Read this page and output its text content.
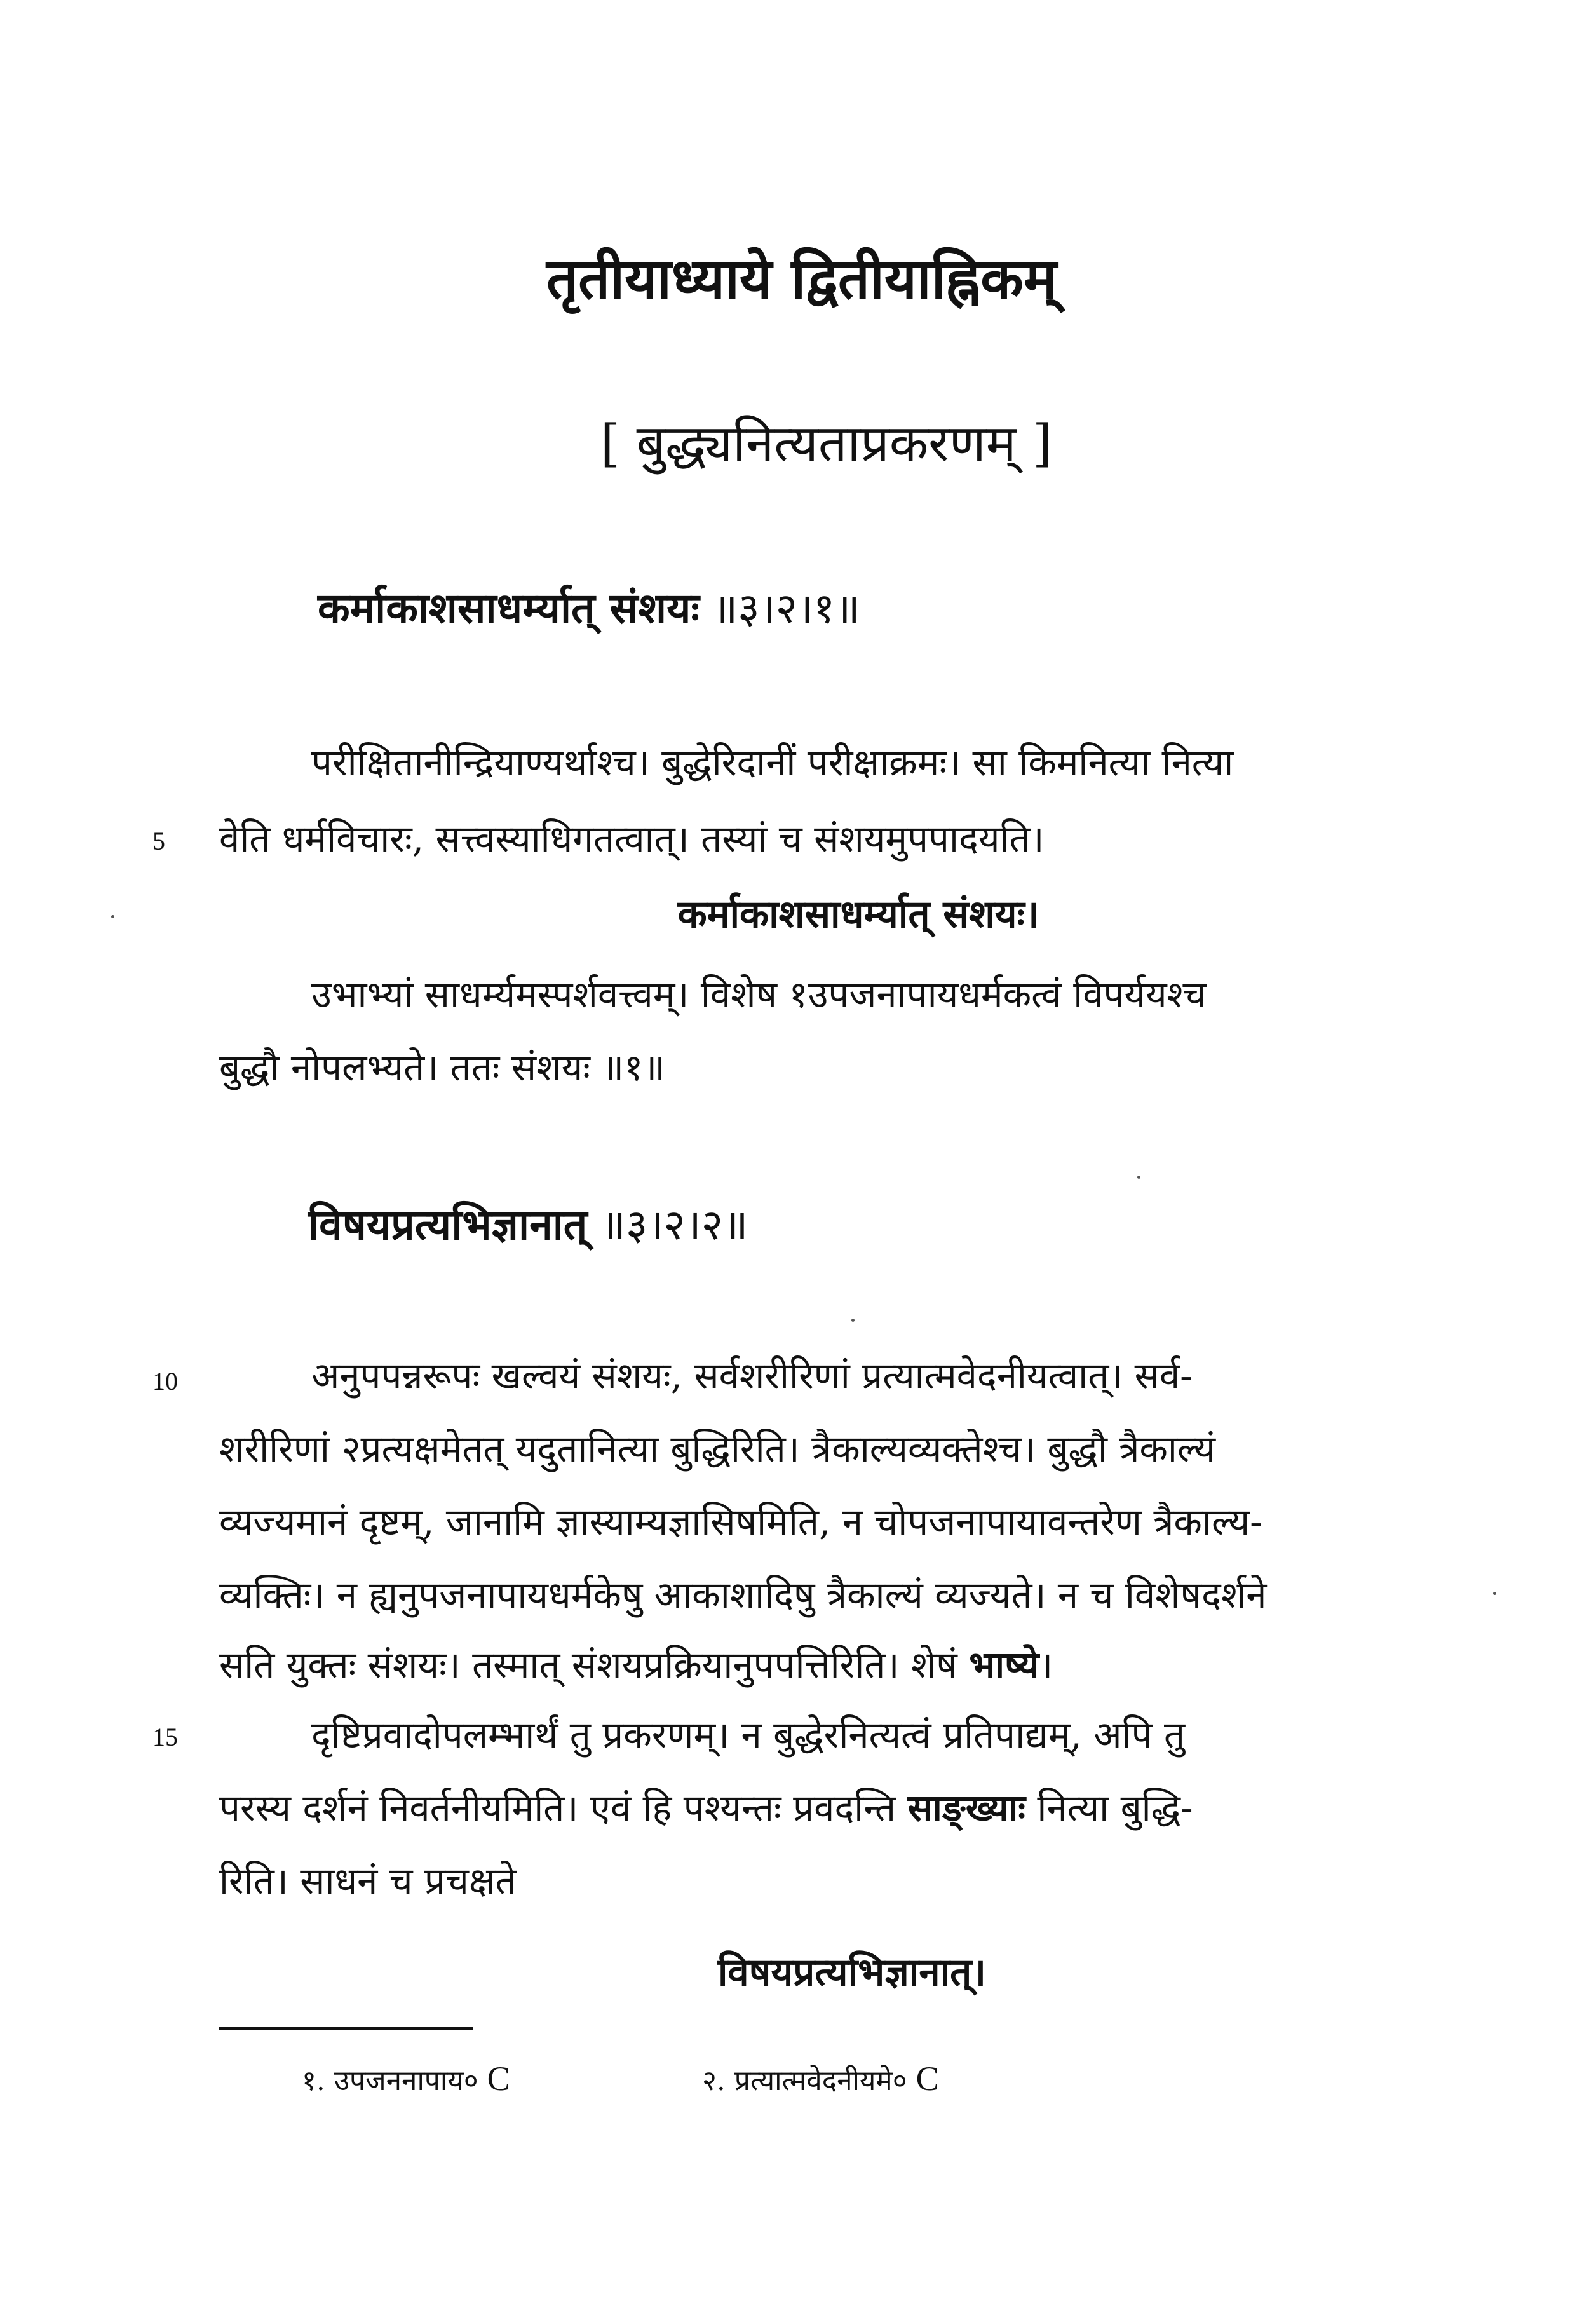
तृतीयाध्याये द्वितीयाह्निकम्
[ बुद्ध्यनित्यताप्रकरणम् ]
कर्माकाशसाधर्म्यात् संशयः ॥३।२।१॥
परीक्षितानीन्द्रियाण्यर्थाश्च। बुद्धेरिदानीं परीक्षाक्रमः। सा किमनित्या नित्या
5 वेति धर्मविचारः, सत्त्वस्याधिगतत्वात्। तस्यां च संशयमुपपादयति।
कर्माकाशसाधर्म्यात् संशयः।
उभाभ्यां साधर्म्यमस्पर्शवत्त्वम्। विशेष १उपजनापायधर्मकत्वं विपर्ययश्च
बुद्धौ नोपलभ्यते। ततः संशयः ॥१॥
विषयप्रत्यभिज्ञानात् ॥३।२।२॥
10	अनुपपन्नरूपः खल्वयं संशयः, सर्वशरीरिणां प्रत्यात्मवेदनीयत्वात्। सर्व-
शरीरिणां २प्रत्यक्षमेतत् यदुतानित्या बुद्धिरिति। त्रैकाल्यव्यक्तेश्च। बुद्धौ त्रैकाल्यं
व्यज्यमानं दृष्टम्, जानामि ज्ञास्याम्यज्ञासिषमिति, न चोपजनापायावन्तरेण त्रैकाल्य-
व्यक्तिः। न ह्यनुपजनापायधर्मकेषु आकाशादिषु त्रैकाल्यं व्यज्यते। न च विशेषदर्शने
सति युक्तः संशयः। तस्मात् संशयप्रक्रियानुपपत्तिरिति। शेषं भाष्ये।
15	दृष्टिप्रवादोपलम्भार्थं तु प्रकरणम्। न बुद्धेरनित्यत्वं प्रतिपाद्यम्, अपि तु
परस्य दर्शनं निवर्तनीयमिति। एवं हि पश्यन्तः प्रवदन्ति साङ्ख्याः नित्या बुद्धि-
रिति। साधनं च प्रचक्षते
विषयप्रत्यभिज्ञानात्।
१. उपजननापाय० C	२. प्रत्यात्मवेदनीयमे० C
